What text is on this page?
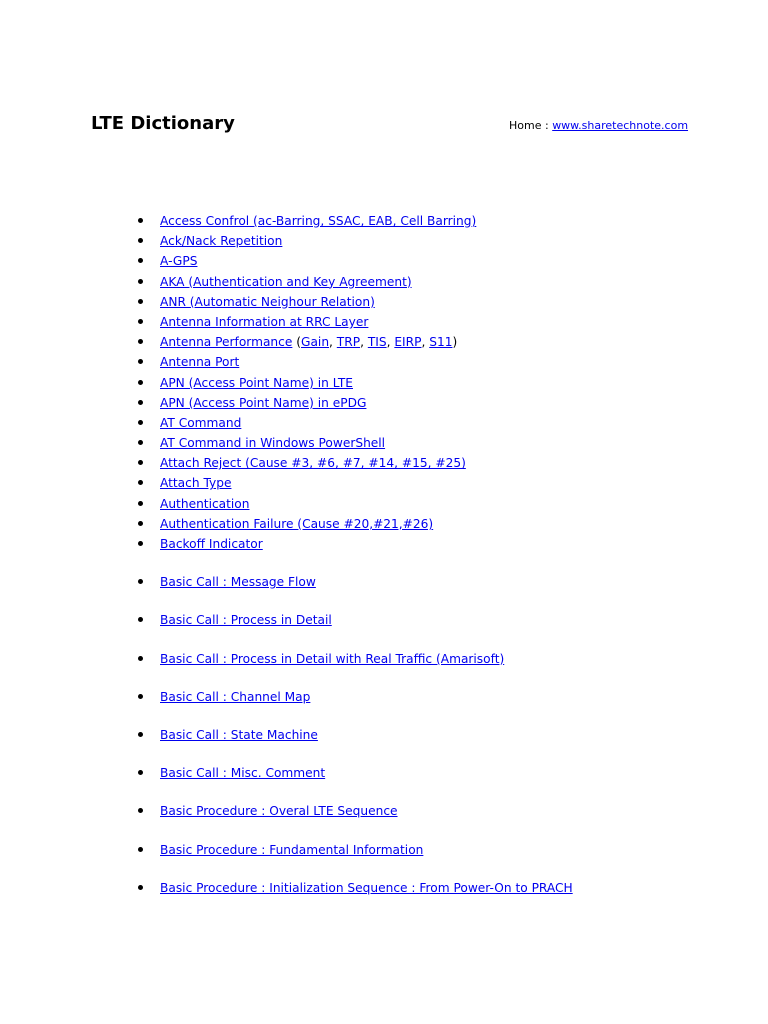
LTE Dictionary	Home : www.sharetechnote.com
Access Confrol (ac-Barring, SSAC, EAB, Cell Barring)
Ack/Nack Repetition
A-GPS
AKA (Authentication and Key Agreement)
ANR (Automatic Neighour Relation)
Antenna Information at RRC Layer
Antenna Performance (Gain, TRP, TIS, EIRP, S11)
Antenna Port
APN (Access Point Name) in LTE
APN (Access Point Name) in ePDG
AT Command
AT Command in Windows PowerShell
Attach Reject (Cause #3, #6, #7, #14, #15, #25)
Attach Type
Authentication
Authentication Failure (Cause #20,#21,#26)
Backoff Indicator
Basic Call : Message Flow
Basic Call : Process in Detail
Basic Call : Process in Detail with Real Traffic (Amarisoft)
Basic Call : Channel Map
Basic Call : State Machine
Basic Call : Misc. Comment
Basic Procedure : Overal LTE Sequence
Basic Procedure : Fundamental Information
Basic Procedure : Initialization Sequence : From Power-On to PRACH
